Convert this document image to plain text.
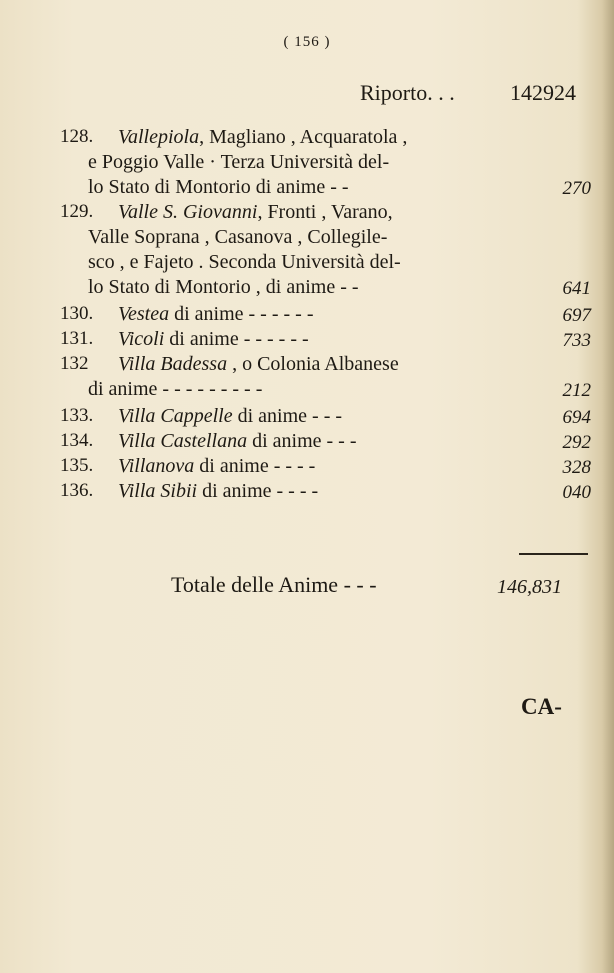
( 156 )
Riporto. . .	142924
128. Vallepiola, Magliano , Acquaratola ,
e Poggio Valle · Terza Università del-
lo Stato di Montorio di anime - -	270
129. Valle S. Giovanni, Fronti , Varano,
Valle Soprana , Casanova , Collegile-
sco , e Fajeto . Seconda Università del-
lo Stato di Montorio , di anime - -	641
130. Vestea di anime - - - - - -	697
131. Vicoli di anime - - - - - -	733
132 Villa Badessa , o Colonia Albanese
di anime - - - - - - - - -	212
133. Villa Cappelle di anime - - -	694
134. Villa Castellana di anime - - -	292
135. Villanova di anime - - - -	328
136. Villa Sibii di anime - - - -	040
Totale delle Anime - - -	146,831
CA-
